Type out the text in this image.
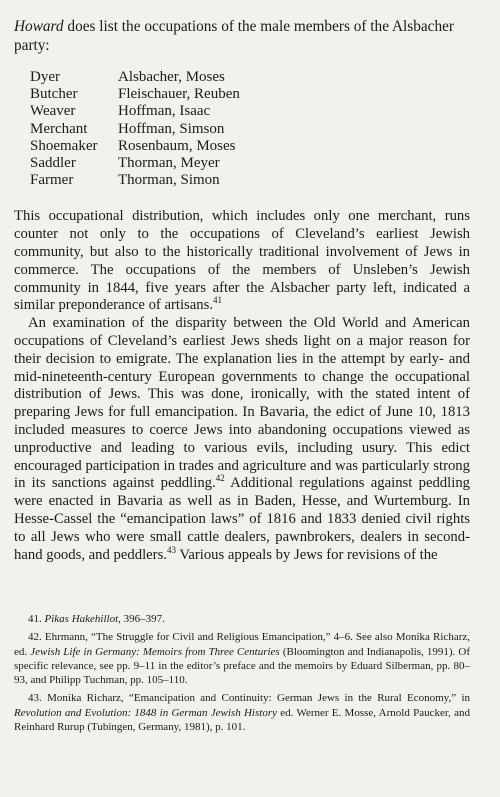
Howard does list the occupations of the male members of the Alsbacher party:

Dyer	Alsbacher, Moses
Butcher	Fleischauer, Reuben
Weaver	Hoffman, Isaac
Merchant	Hoffman, Simson
Shoemaker	Rosenbaum, Moses
Saddler	Thorman, Meyer
Farmer	Thorman, Simon

This occupational distribution, which includes only one merchant, runs counter not only to the occupations of Cleveland’s earliest Jewish community, but also to the historically traditional involvement of Jews in commerce. The occupations of the members of Unsleben’s Jewish community in 1844, five years after the Alsbacher party left, indicated a similar preponderance of artisans.$^{41}$

An examination of the disparity between the Old World and American occupations of Cleveland’s earliest Jews sheds light on a major reason for their decision to emigrate. The explanation lies in the attempt by early- and mid-nineteenth-century European governments to change the occupational distribution of Jews. This was done, ironically, with the stated intent of preparing Jews for full emancipation. In Bavaria, the edict of June 10, 1813 included measures to coerce Jews into abandoning occupations viewed as unproductive and leading to various evils, including usury. This edict encouraged participation in trades and agriculture and was particularly strong in its sanctions against peddling.$^{42}$ Additional regulations against peddling were enacted in Bavaria as well as in Baden, Hesse, and Wurtemburg. In Hesse-Cassel the “emancipation laws” of 1816 and 1833 denied civil rights to all Jews who were small cattle dealers, pawnbrokers, dealers in second-hand goods, and peddlers.$^{43}$ Various appeals by Jews for revisions of the

41. Pikas Hakehillot, 396–397.

42. Ehrmann, “The Struggle for Civil and Religious Emancipation,” 4–6. See also Monika Richarz, ed. Jewish Life in Germany: Memoirs from Three Centuries (Bloomington and Indianapolis, 1991). Of specific relevance, see pp. 9–11 in the editor’s preface and the memoirs by Eduard Silberman, pp. 80–93, and Philipp Tuchman, pp. 105–110.

43. Monika Richarz, “Emancipation and Continuity: German Jews in the Rural Economy,” in Revolution and Evolution: 1848 in German Jewish History ed. Werner E. Mosse, Arnold Paucker, and Reinhard Rurup (Tubingen, Germany, 1981), p. 101.
